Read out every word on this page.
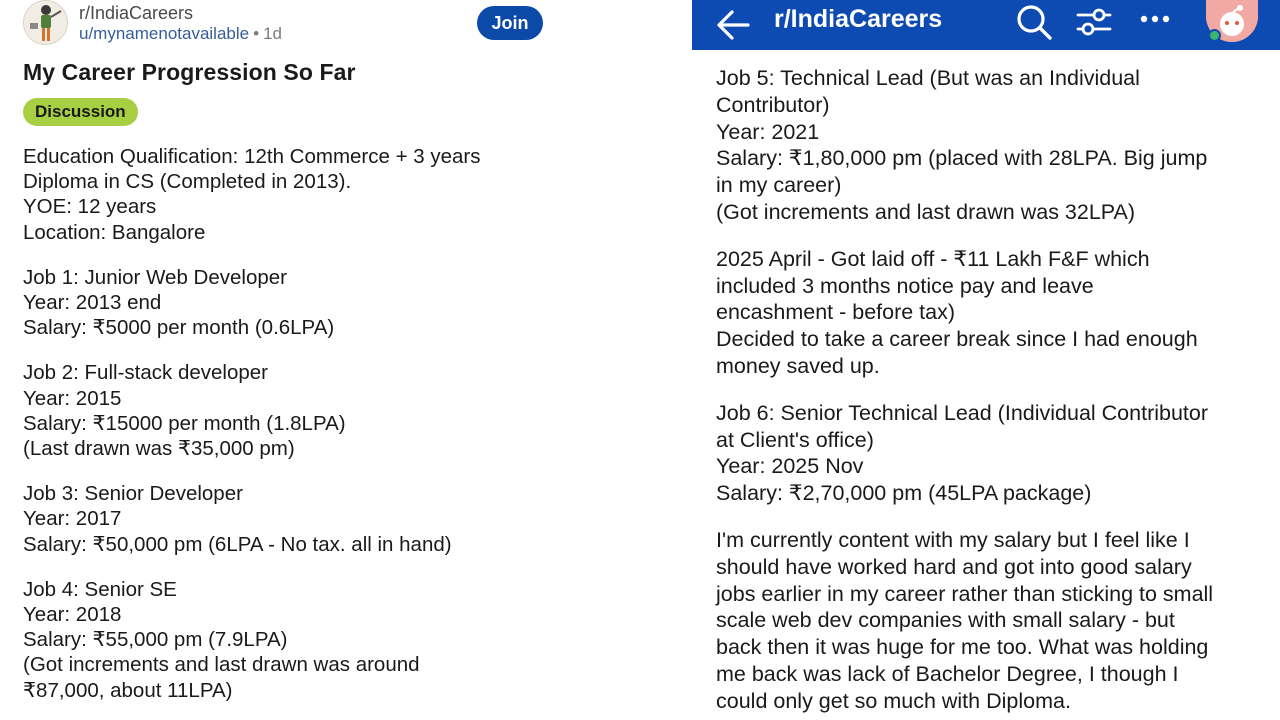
r/IndiaCareers
u/mynamenotavailable • 1d
Join
My Career Progression So Far
Discussion
Education Qualification: 12th Commerce + 3 years
Diploma in CS (Completed in 2013).
YOE: 12 years
Location: Bangalore
Job 1: Junior Web Developer
Year: 2013 end
Salary: ₹5000 per month (0.6LPA)
Job 2: Full-stack developer
Year: 2015
Salary: ₹15000 per month (1.8LPA)
(Last drawn was ₹35,000 pm)
Job 3: Senior Developer
Year: 2017
Salary: ₹50,000 pm (6LPA - No tax. all in hand)
Job 4: Senior SE
Year: 2018
Salary: ₹55,000 pm (7.9LPA)
(Got increments and last drawn was around
₹87,000, about 11LPA)
r/IndiaCareers
Job 5: Technical Lead (But was an Individual
Contributor)
Year: 2021
Salary: ₹1,80,000 pm (placed with 28LPA. Big jump
in my career)
(Got increments and last drawn was 32LPA)
2025 April - Got laid off - ₹11 Lakh F&F which
included 3 months notice pay and leave
encashment - before tax)
Decided to take a career break since I had enough
money saved up.
Job 6: Senior Technical Lead (Individual Contributor
at Client's office)
Year: 2025 Nov
Salary: ₹2,70,000 pm (45LPA package)
I'm currently content with my salary but I feel like I
should have worked hard and got into good salary
jobs earlier in my career rather than sticking to small
scale web dev companies with small salary - but
back then it was huge for me too. What was holding
me back was lack of Bachelor Degree, I though I
could only get so much with Diploma.
